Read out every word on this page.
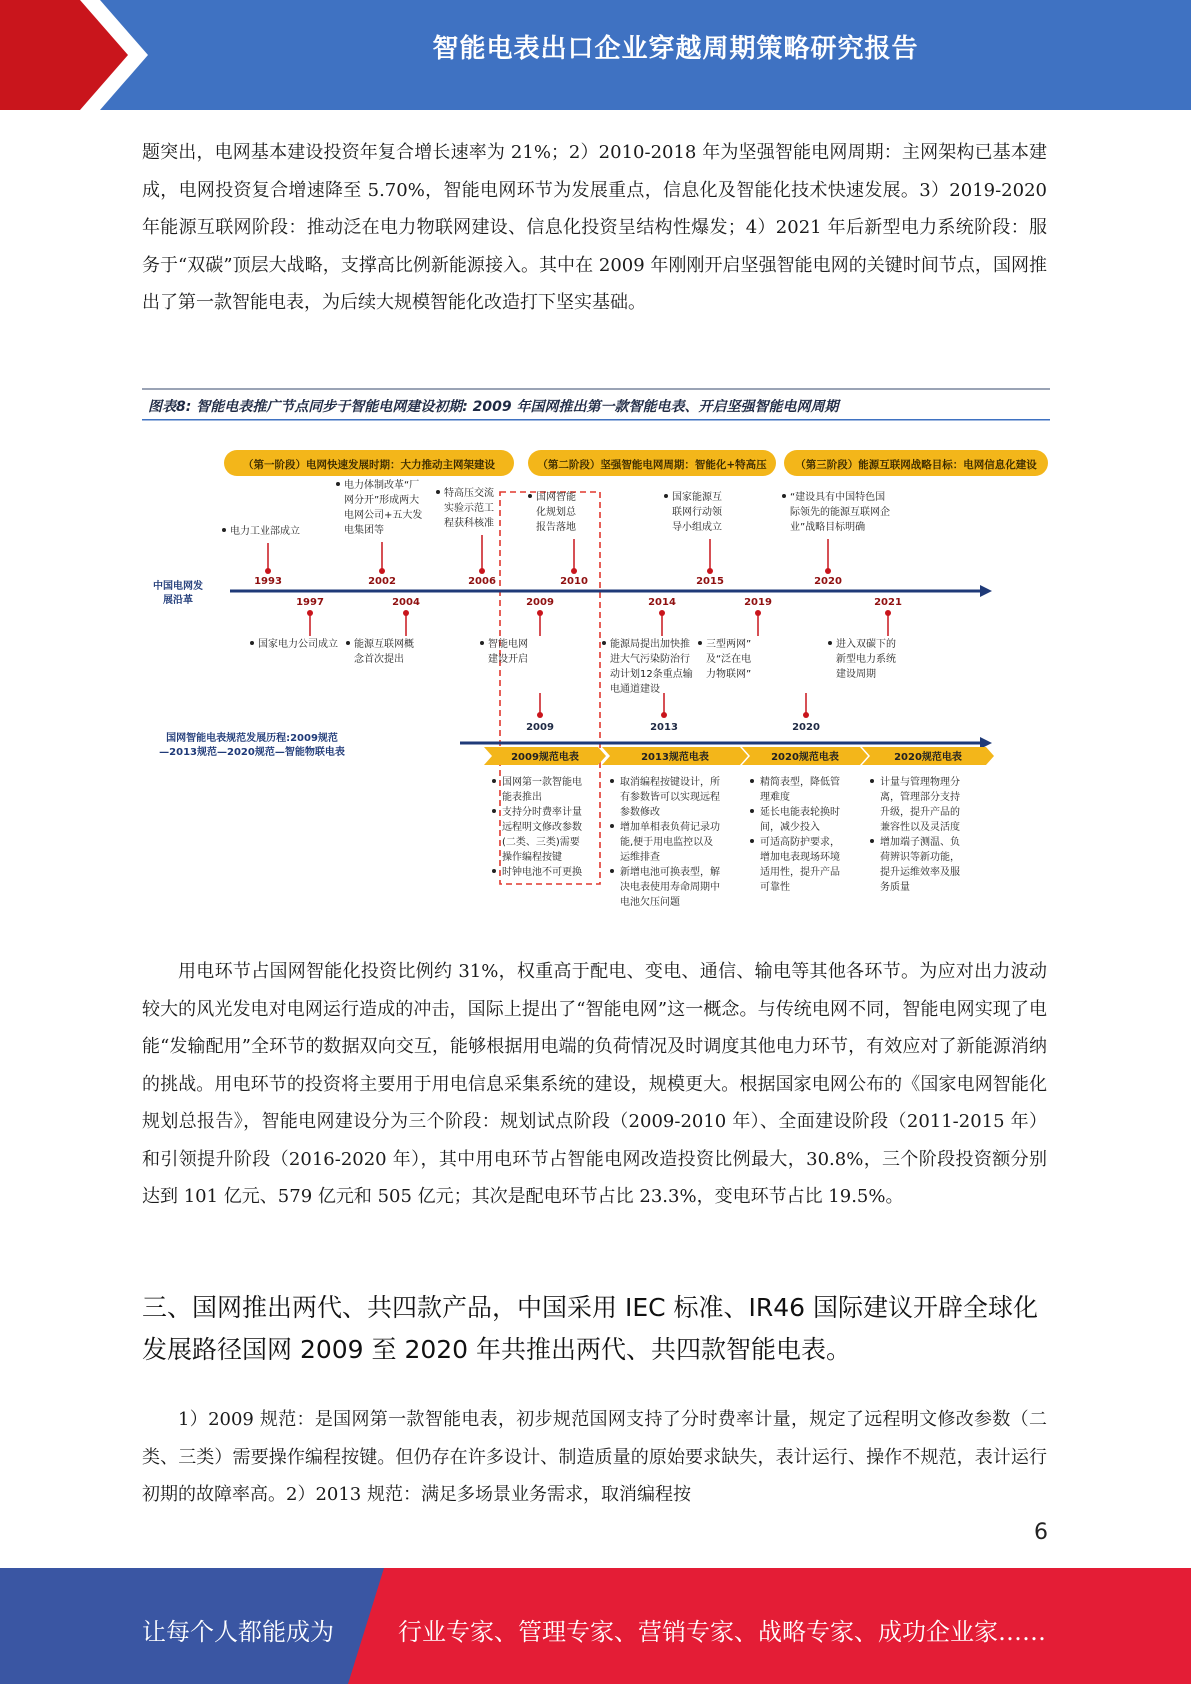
智能电表出口企业穿越周期策略研究报告

题突出，电网基本建设投资年复合增长速率为 21%；2）2010-2018 年为坚强智能电网周期：主网架构已基本建成，电网投资复合增速降至 5.70%，智能电网环节为发展重点，信息化及智能化技术快速发展。3）2019-2020 年能源互联网阶段：推动泛在电力物联网建设、信息化投资呈结构性爆发；4）2021 年后新型电力系统阶段：服务于“双碳”顶层大战略，支撑高比例新能源接入。其中在 2009 年刚刚开启坚强智能电网的关键时间节点，国网推出了第一款智能电表，为后续大规模智能化改造打下坚实基础。

图表8: 智能电表推广节点同步于智能电网建设初期: 2009 年国网推出第一款智能电表、开启坚强智能电网周期
（第一阶段）电网快速发展时期：大力推动主网架建设	（第二阶段）坚强智能电网周期：智能化+特高压	（第三阶段）能源互联网战略目标：电网信息化建设
中国电网发
展沿革
1993
电力工业部成立
2002
电力体制改革“厂
网分开”形成两大
电网公司+五大发
电集团等
2006
特高压交流
实验示范工
程获科核准
2010
国网智能
化规划总
报告落地
2015
国家能源互
联网行动领
导小组成立
2020
“建设具有中国特色国
际领先的能源互联网企
业”战略目标明确
1997
国家电力公司成立
2004
能源互联网概
念首次提出
2009
智能电网
建设开启
2014
能源局提出加快推
进大气污染防治行
动计划12条重点输
电通道建设
2019
三型两网”
及“泛在电
力物联网”
2021
进入双碳下的
新型电力系统
建设周期
国网智能电表规范发展历程:2009规范
—2013规范—2020规范—智能物联电表
2009	2013	2020
2009规范电表
国网第一款智能电
能表推出
支持分时费率计量
远程明文修改参数
(二类、三类)需要
操作编程按键
时钟电池不可更换
2013规范电表
取消编程按键设计，所
有参数皆可以实现远程
参数修改
增加单相表负荷记录功
能,便于用电监控以及
运维排查
新增电池可换表型，解
决电表使用寿命周期中
电池欠压问题
2020规范电表
精简表型，降低管
理难度
延长电能表轮换时
间，减少投入
可适高防护要求，
增加电表现场环境
适用性，提升产品
可靠性
2020规范电表
计量与管理物理分
离，管理部分支持
升级，提升产品的
兼容性以及灵活度
增加端子测温、负
荷辨识等新功能，
提升运维效率及服
务质量

用电环节占国网智能化投资比例约 31%，权重高于配电、变电、通信、输电等其他各环节。为应对出力波动较大的风光发电对电网运行造成的冲击，国际上提出了“智能电网”这一概念。与传统电网不同，智能电网实现了电能“发输配用”全环节的数据双向交互，能够根据用电端的负荷情况及时调度其他电力环节，有效应对了新能源消纳的挑战。用电环节的投资将主要用于用电信息采集系统的建设，规模更大。根据国家电网公布的《国家电网智能化规划总报告》，智能电网建设分为三个阶段：规划试点阶段（2009-2010 年）、全面建设阶段（2011-2015 年）和引领提升阶段（2016-2020 年），其中用电环节占智能电网改造投资比例最大，30.8%，三个阶段投资额分别达到 101 亿元、579 亿元和 505 亿元；其次是配电环节占比 23.3%，变电环节占比 19.5%。

三、国网推出两代、共四款产品，中国采用 IEC 标准、IR46 国际建议开辟全球化发展路径国网 2009 至 2020 年共推出两代、共四款智能电表。

1）2009 规范：是国网第一款智能电表，初步规范国网支持了分时费率计量，规定了远程明文修改参数（二类、三类）需要操作编程按键。但仍存在许多设计、制造质量的原始要求缺失，表计运行、操作不规范，表计运行初期的故障率高。2）2013 规范：满足多场景业务需求，取消编程按

6
让每个人都能成为	行业专家、管理专家、营销专家、战略专家、成功企业家……
